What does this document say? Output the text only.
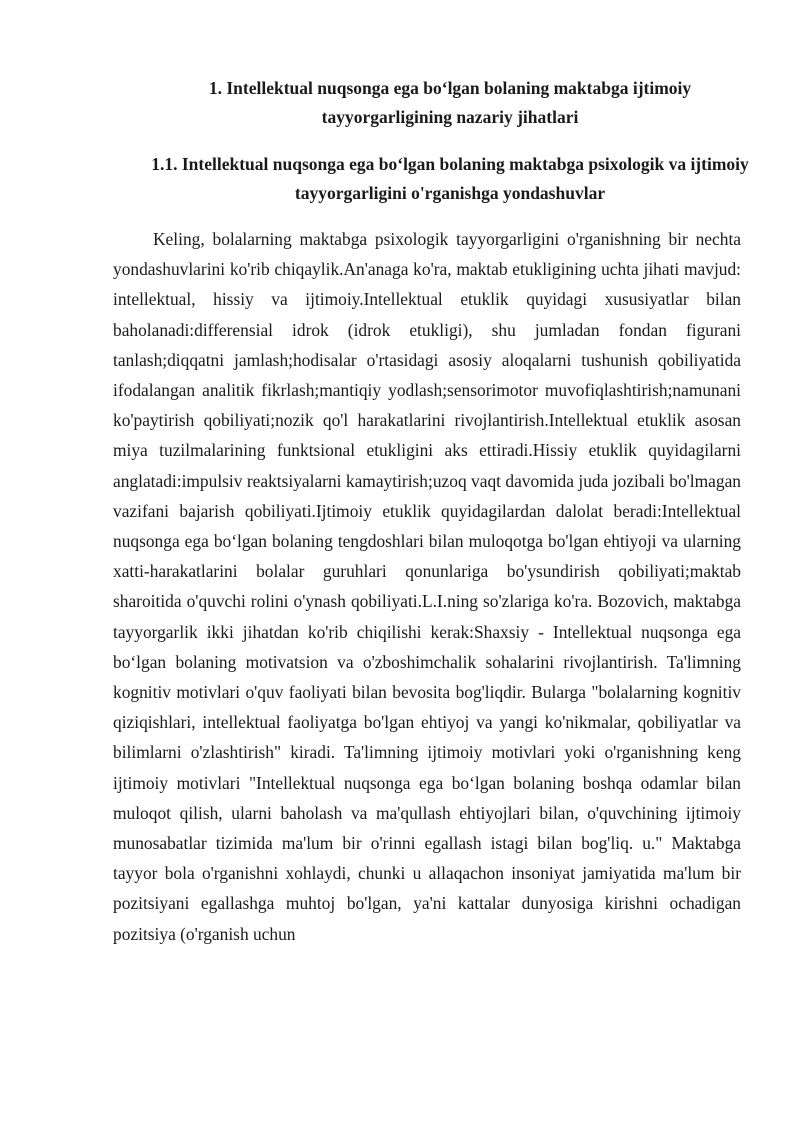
1. Intellektual nuqsonga ega bo‘lgan bolaning maktabga ijtimoiy tayyorgarligining nazariy jihatlari
1.1. Intellektual nuqsonga ega bo‘lgan bolaning maktabga psixologik va ijtimoiy tayyorgarligini o'rganishga yondashuvlar

Keling, bolalarning maktabga psixologik tayyorgarligini o'rganishning bir nechta yondashuvlarini ko'rib chiqaylik.An'anaga ko'ra, maktab etukligining uchta jihati mavjud: intellektual, hissiy va ijtimoiy.Intellektual etuklik quyidagi xususiyatlar bilan baholanadi:differensial idrok (idrok etukligi), shu jumladan fondan figurani tanlash;diqqatni jamlash;hodisalar o'rtasidagi asosiy aloqalarni tushunish qobiliyatida ifodalangan analitik fikrlash;mantiqiy yodlash;sensorimotor muvofiqlashtirish;namunani ko'paytirish qobiliyati;nozik qo'l harakatlarini rivojlantirish.Intellektual etuklik asosan miya tuzilmalarining funktsional etukligini aks ettiradi.Hissiy etuklik quyidagilarni anglatadi:impulsiv reaktsiyalarni kamaytirish;uzoq vaqt davomida juda jozibali bo'lmagan vazifani bajarish qobiliyati.Ijtimoiy etuklik quyidagilardan dalolat beradi:Intellektual nuqsonga ega bo‘lgan bolaning tengdoshlari bilan muloqotga bo'lgan ehtiyoji va ularning xatti-harakatlarini bolalar guruhlari qonunlariga bo'ysundirish qobiliyati;maktab sharoitida o'quvchi rolini o'ynash qobiliyati.L.I.ning so'zlariga ko'ra. Bozovich, maktabga tayyorgarlik ikki jihatdan ko'rib chiqilishi kerak:Shaxsiy - Intellektual nuqsonga ega bo‘lgan bolaning motivatsion va o'zboshimchalik sohalarini rivojlantirish. Ta'limning kognitiv motivlari o'quv faoliyati bilan bevosita bog'liqdir. Bularga "bolalarning kognitiv qiziqishlari, intellektual faoliyatga bo'lgan ehtiyoj va yangi ko'nikmalar, qobiliyatlar va bilimlarni o'zlashtirish" kiradi. Ta'limning ijtimoiy motivlari yoki o'rganishning keng ijtimoiy motivlari "Intellektual nuqsonga ega bo‘lgan bolaning boshqa odamlar bilan muloqot qilish, ularni baholash va ma'qullash ehtiyojlari bilan, o'quvchining ijtimoiy munosabatlar tizimida ma'lum bir o'rinni egallash istagi bilan bog'liq. u." Maktabga tayyor bola o'rganishni xohlaydi, chunki u allaqachon insoniyat jamiyatida ma'lum bir pozitsiyani egallashga muhtoj bo'lgan, ya'ni kattalar dunyosiga kirishni ochadigan pozitsiya (o'rganish uchun
